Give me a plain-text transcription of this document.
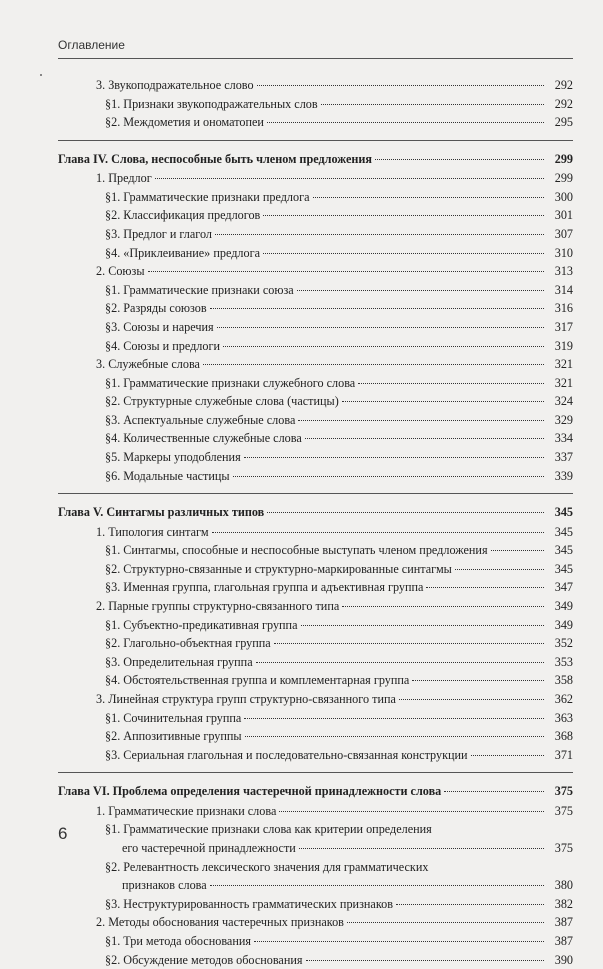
Оглавление
3. Звукоподражательное слово	292
§1. Признаки звукоподражательных слов	292
§2. Междометия и ономатопеи	295
Глава IV. Слова, неспособные быть членом предложения	299
1. Предлог	299
§1. Грамматические признаки предлога	300
§2. Классификация предлогов	301
§3. Предлог и глагол	307
§4. «Приклеивание» предлога	310
2. Союзы	313
§1. Грамматические признаки союза	314
§2. Разряды союзов	316
§3. Союзы и наречия	317
§4. Союзы и предлоги	319
3. Служебные слова	321
§1. Грамматические признаки служебного слова	321
§2. Структурные служебные слова (частицы)	324
§3. Аспектуальные служебные слова	329
§4. Количественные служебные слова	334
§5. Маркеры уподобления	337
§6. Модальные частицы	339
Глава V. Синтагмы различных типов	345
1. Типология синтагм	345
§1. Синтагмы, способные и неспособные выступать членом предложения	345
§2. Структурно-связанные и структурно-маркированные синтагмы	345
§3. Именная группа, глагольная группа и адъективная группа	347
2. Парные группы структурно-связанного типа	349
§1. Субъектно-предикативная группа	349
§2. Глагольно-объектная группа	352
§3. Определительная группа	353
§4. Обстоятельственная группа и комплементарная группа	358
3. Линейная структура групп структурно-связанного типа	362
§1. Сочинительная группа	363
§2. Аппозитивные группы	368
§3. Сериальная глагольная и последовательно-связанная конструкции	371
Глава VI. Проблема определения частеречной принадлежности слова	375
1. Грамматические признаки слова	375
§1. Грамматические признаки слова как критерии определения
его частеречной принадлежности	375
§2. Релевантность лексического значения для грамматических
признаков слова	380
§3. Неструктурированность грамматических признаков	382
2. Методы обоснования частеречных признаков	387
§1. Три метода обоснования	387
§2. Обсуждение методов обоснования	390
6
